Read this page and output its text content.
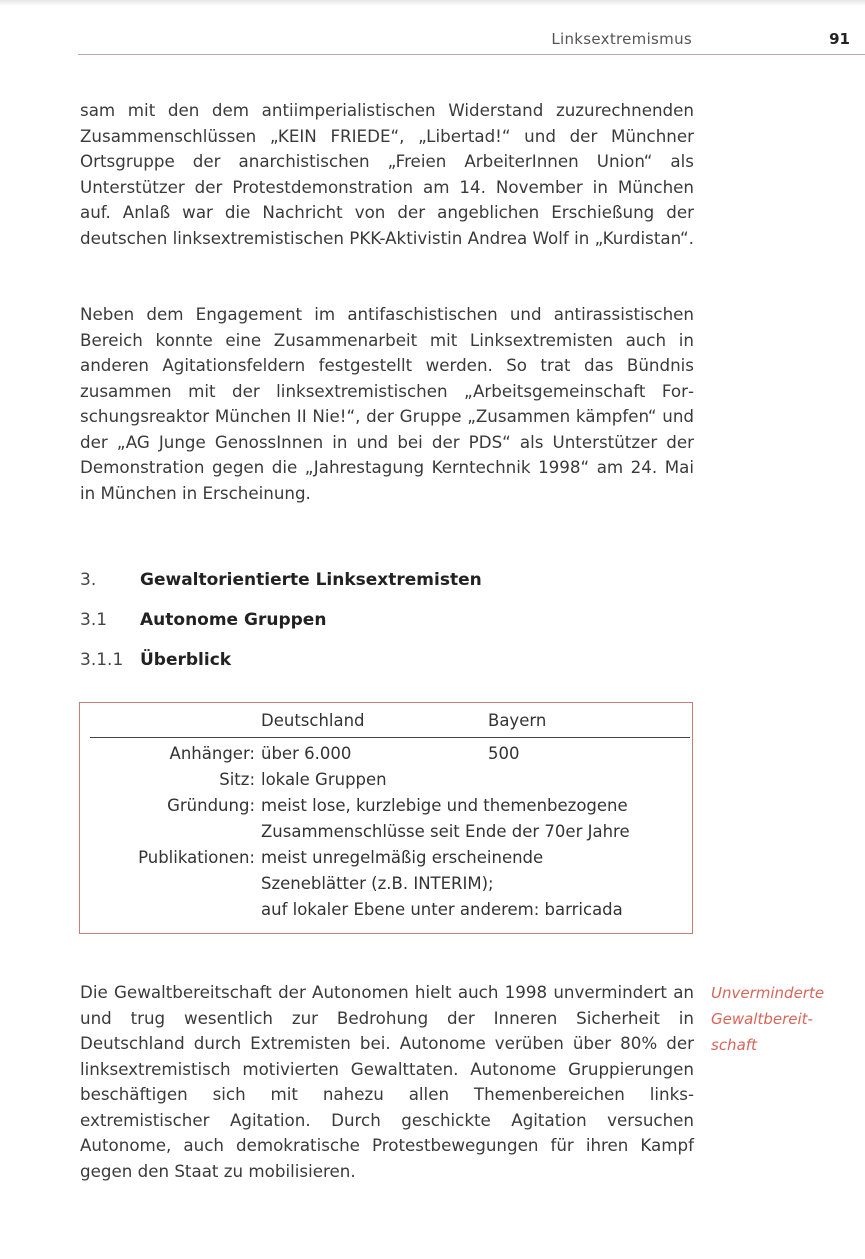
Linksextremismus	91

sam mit den dem antiimperialistischen Widerstand zuzurechnenden Zusammenschlüssen „KEIN FRIEDE“, „Libertad!“ und der Münchner Ortsgruppe der anarchistischen „Freien ArbeiterInnen Union“ als Unterstützer der Protestdemonstration am 14. November in München auf. Anlaß war die Nachricht von der angeblichen Erschießung der deutschen linksextremistischen PKK-Aktivistin Andrea Wolf in „Kurdistan“.

Neben dem Engagement im antifaschistischen und antirassistischen Bereich konnte eine Zusammenarbeit mit Linksextremisten auch in anderen Agitationsfeldern festgestellt werden. So trat das Bündnis zusammen mit der linksextremistischen „Arbeitsgemeinschaft Forschungsreaktor München II Nie!“, der Gruppe „Zusammen kämpfen“ und der „AG Junge GenossInnen in und bei der PDS“ als Unterstützer der Demonstration gegen die „Jahrestagung Kerntechnik 1998“ am 24. Mai in München in Erscheinung.

3.	Gewaltorientierte Linksextremisten
3.1 Autonome Gruppen
3.1.1 Überblick
Deutschland	Bayern
Anhänger: über 6.000	500
Sitz: lokale Gruppen
Gründung: meist lose, kurzlebige und themenbezogene
Zusammenschlüsse seit Ende der 70er Jahre
Publikationen: meist unregelmäßig erscheinende
Szeneblätter (z.B. INTERIM);
auf lokaler Ebene unter anderem: barricada

Die Gewaltbereitschaft der Autonomen hielt auch 1998 unvermindert an und trug wesentlich zur Bedrohung der Inneren Sicherheit in Deutschland durch Extremisten bei. Autonome verüben über 80% der linksextremistisch motivierten Gewalttaten. Autonome Gruppierungen beschäftigen sich mit nahezu allen Themenbereichen linksextremistischer Agitation. Durch geschickte Agitation versuchen Autonome, auch demokratische Protestbewegungen für ihren Kampf gegen den Staat zu mobilisieren.

Unverminderte
Gewaltbereit-
schaft
